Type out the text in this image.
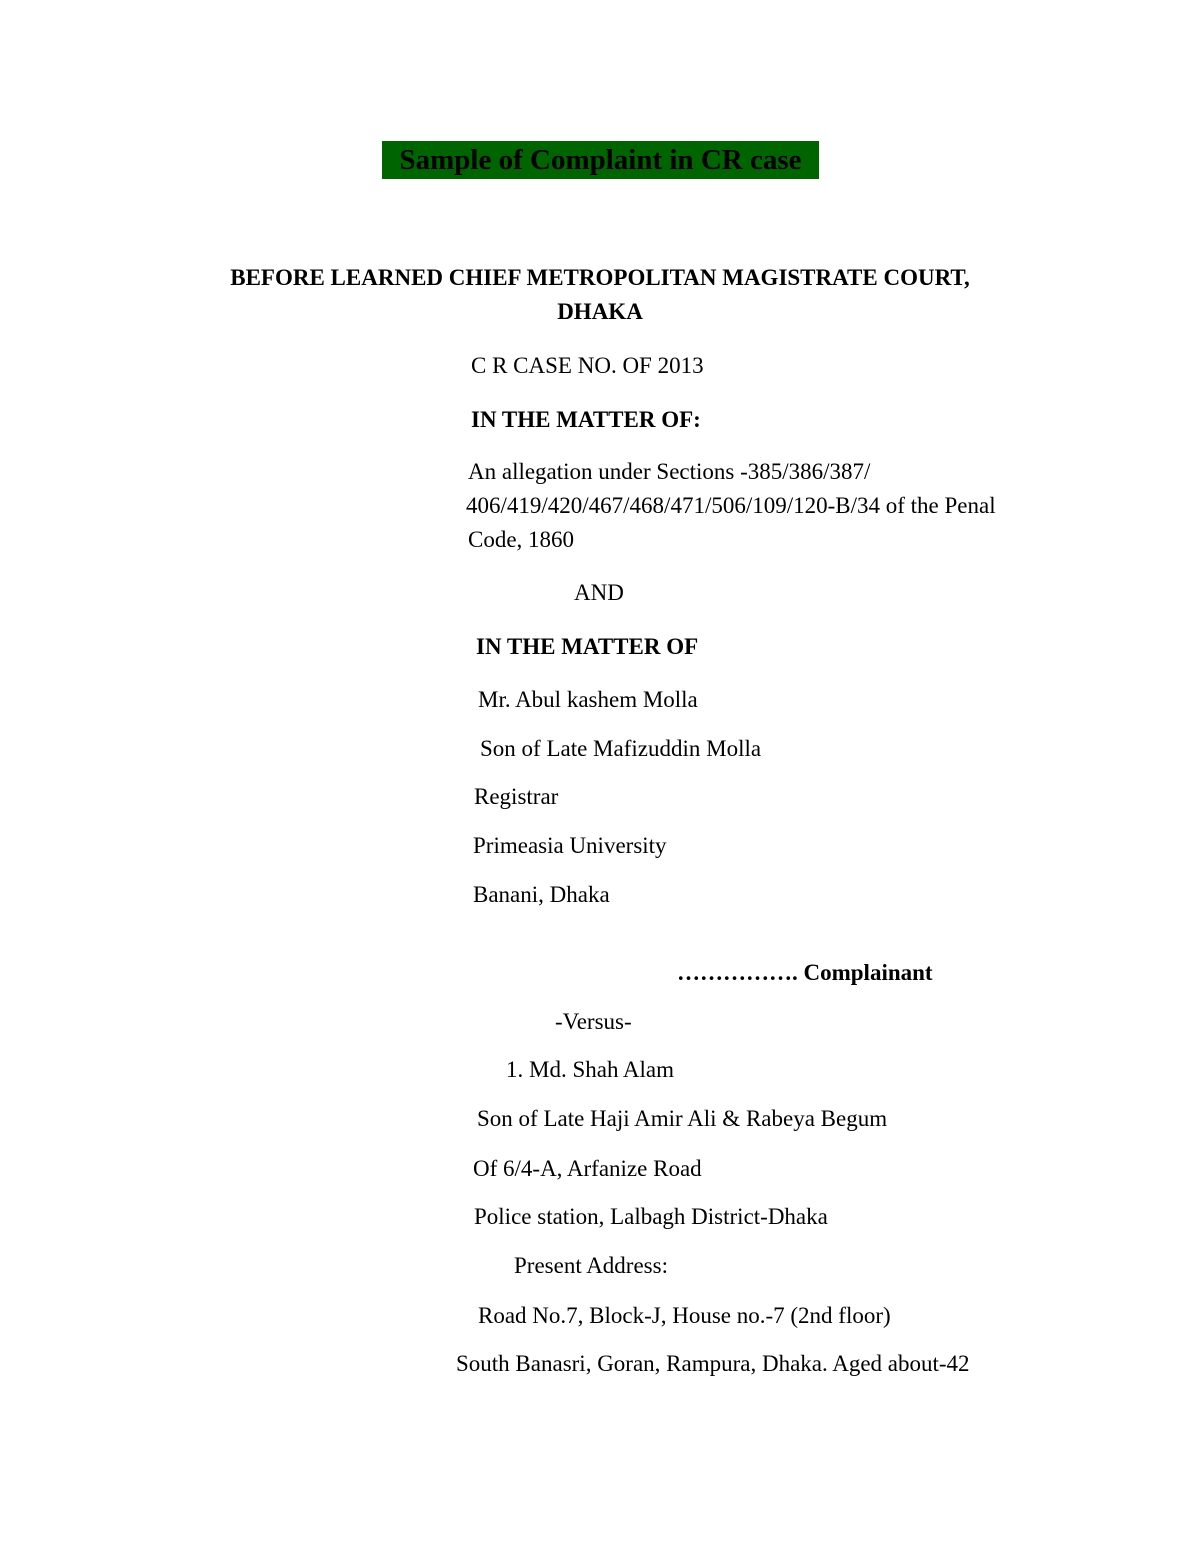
Sample of Complaint in CR case
BEFORE LEARNED CHIEF METROPOLITAN MAGISTRATE COURT,
DHAKA
C R CASE NO. OF 2013
IN THE MATTER OF:
An allegation under Sections -385/386/387/
406/419/420/467/468/471/506/109/120-B/34 of the Penal
Code, 1860
AND
IN THE MATTER OF
Mr. Abul kashem Molla
Son of Late Mafizuddin Molla
Registrar
Primeasia University
Banani, Dhaka
……………. Complainant
-Versus-
1. Md. Shah Alam
Son of Late Haji Amir Ali & Rabeya Begum
Of 6/4-A, Arfanize Road
Police station, Lalbagh District-Dhaka
Present Address:
Road No.7, Block-J, House no.-7 (2nd floor)
South Banasri, Goran, Rampura, Dhaka. Aged about-42
